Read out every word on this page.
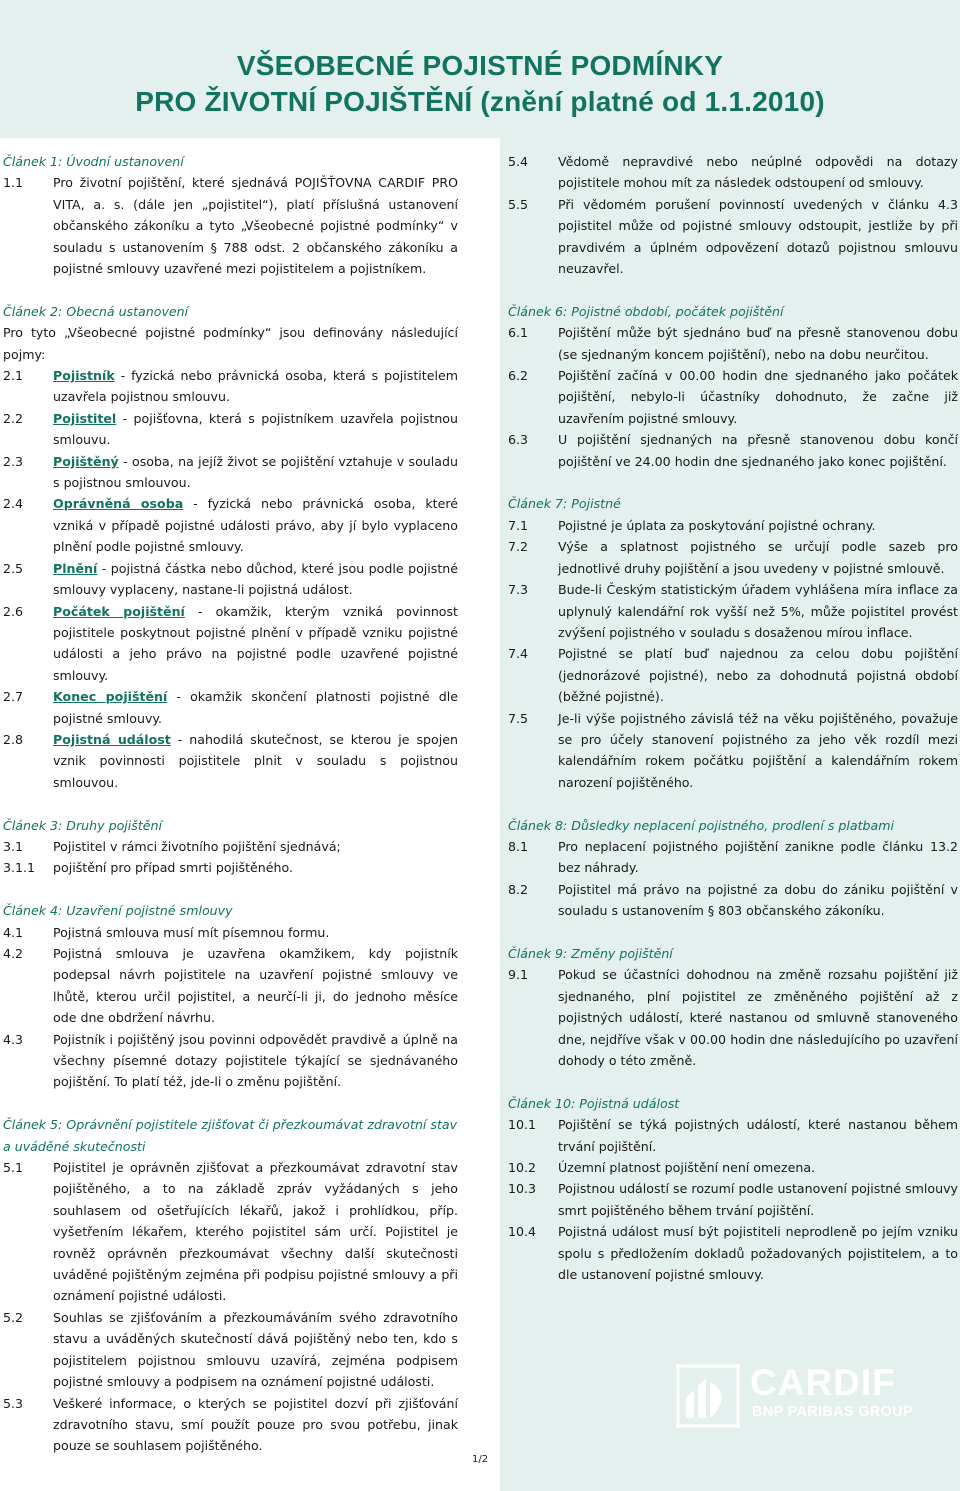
VŠEOBECNÉ POJISTNÉ PODMÍNKY
PRO ŽIVOTNÍ POJIŠTĚNÍ (znění platné od 1.1.2010)
Článek 1: Úvodní ustanovení
1.1	Pro životní pojištění, které sjednává POJIŠŤOVNA CARDIF PRO VITA, a. s. (dále jen „pojistitel“), platí příslušná ustanovení občanského zákoníku a tyto „Všeobecné pojistné podmínky“ v souladu s ustanovením § 788 odst. 2 občanského zákoníku a pojistné smlouvy uzavřené mezi pojistitelem a pojistníkem.
Článek 2: Obecná ustanovení
Pro tyto „Všeobecné pojistné podmínky“ jsou definovány následující pojmy:
2.1	Pojistník - fyzická nebo právnická osoba, která s pojistitelem uzavřela pojistnou smlouvu.
2.2	Pojistitel - pojišťovna, která s pojistníkem uzavřela pojistnou smlouvu.
2.3	Pojištěný - osoba, na jejíž život se pojištění vztahuje v souladu s pojistnou smlouvou.
2.4	Oprávněná osoba - fyzická nebo právnická osoba, které vzniká v případě pojistné události právo, aby jí bylo vyplaceno plnění podle pojistné smlouvy.
2.5	Plnění - pojistná částka nebo důchod, které jsou podle pojistné smlouvy vyplaceny, nastane-li pojistná událost.
2.6	Počátek pojištění - okamžik, kterým vzniká povinnost pojistitele poskytnout pojistné plnění v případě vzniku pojistné události a jeho právo na pojistné podle uzavřené pojistné smlouvy.
2.7	Konec pojištění - okamžik skončení platnosti pojistné dle pojistné smlouvy.
2.8	Pojistná událost - nahodilá skutečnost, se kterou je spojen vznik povinnosti pojistitele plnit v souladu s pojistnou smlouvou.
Článek 3: Druhy pojištění
3.1	Pojistitel v rámci životního pojištění sjednává;
3.1.1	pojištění pro případ smrti pojištěného.
Článek 4: Uzavření pojistné smlouvy
4.1	Pojistná smlouva musí mít písemnou formu.
4.2	Pojistná smlouva je uzavřena okamžikem, kdy pojistník podepsal návrh pojistitele na uzavření pojistné smlouvy ve lhůtě, kterou určil pojistitel, a neurčí-li ji, do jednoho měsíce ode dne obdržení návrhu.
4.3	Pojistník i pojištěný jsou povinni odpovědět pravdivě a úplně na všechny písemné dotazy pojistitele týkající se sjednávaného pojištění. To platí též, jde-li o změnu pojištění.
Článek 5: Oprávnění pojistitele zjišťovat či přezkoumávat zdravotní stav a uváděné skutečnosti
5.1	Pojistitel je oprávněn zjišťovat a přezkoumávat zdravotní stav pojištěného, a to na základě zpráv vyžádaných s jeho souhlasem od ošetřujících lékařů, jakož i prohlídkou, příp. vyšetřením lékařem, kterého pojistitel sám určí. Pojistitel je rovněž oprávněn přezkoumávat všechny další skutečnosti uváděné pojištěným zejména při podpisu pojistné smlouvy a při oznámení pojistné události.
5.2	Souhlas se zjišťováním a přezkoumáváním svého zdravotního stavu a uváděných skutečností dává pojištěný nebo ten, kdo s pojistitelem pojistnou smlouvu uzavírá, zejména podpisem pojistné smlouvy a podpisem na oznámení pojistné události.
5.3	Veškeré informace, o kterých se pojistitel dozví při zjišťování zdravotního stavu, smí použít pouze pro svou potřebu, jinak pouze se souhlasem pojištěného.
5.4	Vědomě nepravdivé nebo neúplné odpovědi na dotazy pojistitele mohou mít za následek odstoupení od smlouvy.
5.5	Při vědomém porušení povinností uvedených v článku 4.3 pojistitel může od pojistné smlouvy odstoupit, jestliže by při pravdivém a úplném odpovězení dotazů pojistnou smlouvu neuzavřel.
Článek 6: Pojistné období, počátek pojištění
6.1	Pojištění může být sjednáno buď na přesně stanovenou dobu (se sjednaným koncem pojištění), nebo na dobu neurčitou.
6.2	Pojištění začíná v 00.00 hodin dne sjednaného jako počátek pojištění, nebylo-li účastníky dohodnuto, že začne již uzavřením pojistné smlouvy.
6.3	U pojištění sjednaných na přesně stanovenou dobu končí pojištění ve 24.00 hodin dne sjednaného jako konec pojištění.
Článek 7: Pojistné
7.1	Pojistné je úplata za poskytování pojistné ochrany.
7.2	Výše a splatnost pojistného se určují podle sazeb pro jednotlivé druhy pojištění a jsou uvedeny v pojistné smlouvě.
7.3	Bude-li Českým statistickým úřadem vyhlášena míra inflace za uplynulý kalendářní rok vyšší než 5%, může pojistitel provést zvýšení pojistného v souladu s dosaženou mírou inflace.
7.4	Pojistné se platí buď najednou za celou dobu pojištění (jednorázové pojistné), nebo za dohodnutá pojistná období (běžné pojistné).
7.5	Je-li výše pojistného závislá též na věku pojištěného, považuje se pro účely stanovení pojistného za jeho věk rozdíl mezi kalendářním rokem počátku pojištění a kalendářním rokem narození pojištěného.
Článek 8: Důsledky neplacení pojistného, prodlení s platbami
8.1	Pro neplacení pojistného pojištění zanikne podle článku 13.2 bez náhrady.
8.2	Pojistitel má právo na pojistné za dobu do zániku pojištění v souladu s ustanovením § 803 občanského zákoníku.
Článek 9: Změny pojištění
9.1	Pokud se účastníci dohodnou na změně rozsahu pojištění již sjednaného, plní pojistitel ze změněného pojištění až z pojistných událostí, které nastanou od smluvně stanoveného dne, nejdříve však v 00.00 hodin dne následujícího po uzavření dohody o této změně.
Článek 10: Pojistná událost
10.1	Pojištění se týká pojistných událostí, které nastanou během trvání pojištění.
10.2	Územní platnost pojištění není omezena.
10.3	Pojistnou událostí se rozumí podle ustanovení pojistné smlouvy smrt pojištěného během trvání pojištění.
10.4	Pojistná událost musí být pojistiteli neprodleně po jejím vzniku spolu s předložením dokladů požadovaných pojistitelem, a to dle ustanovení pojistné smlouvy.
CARDIF
BNP PARIBAS GROUP
1/2
